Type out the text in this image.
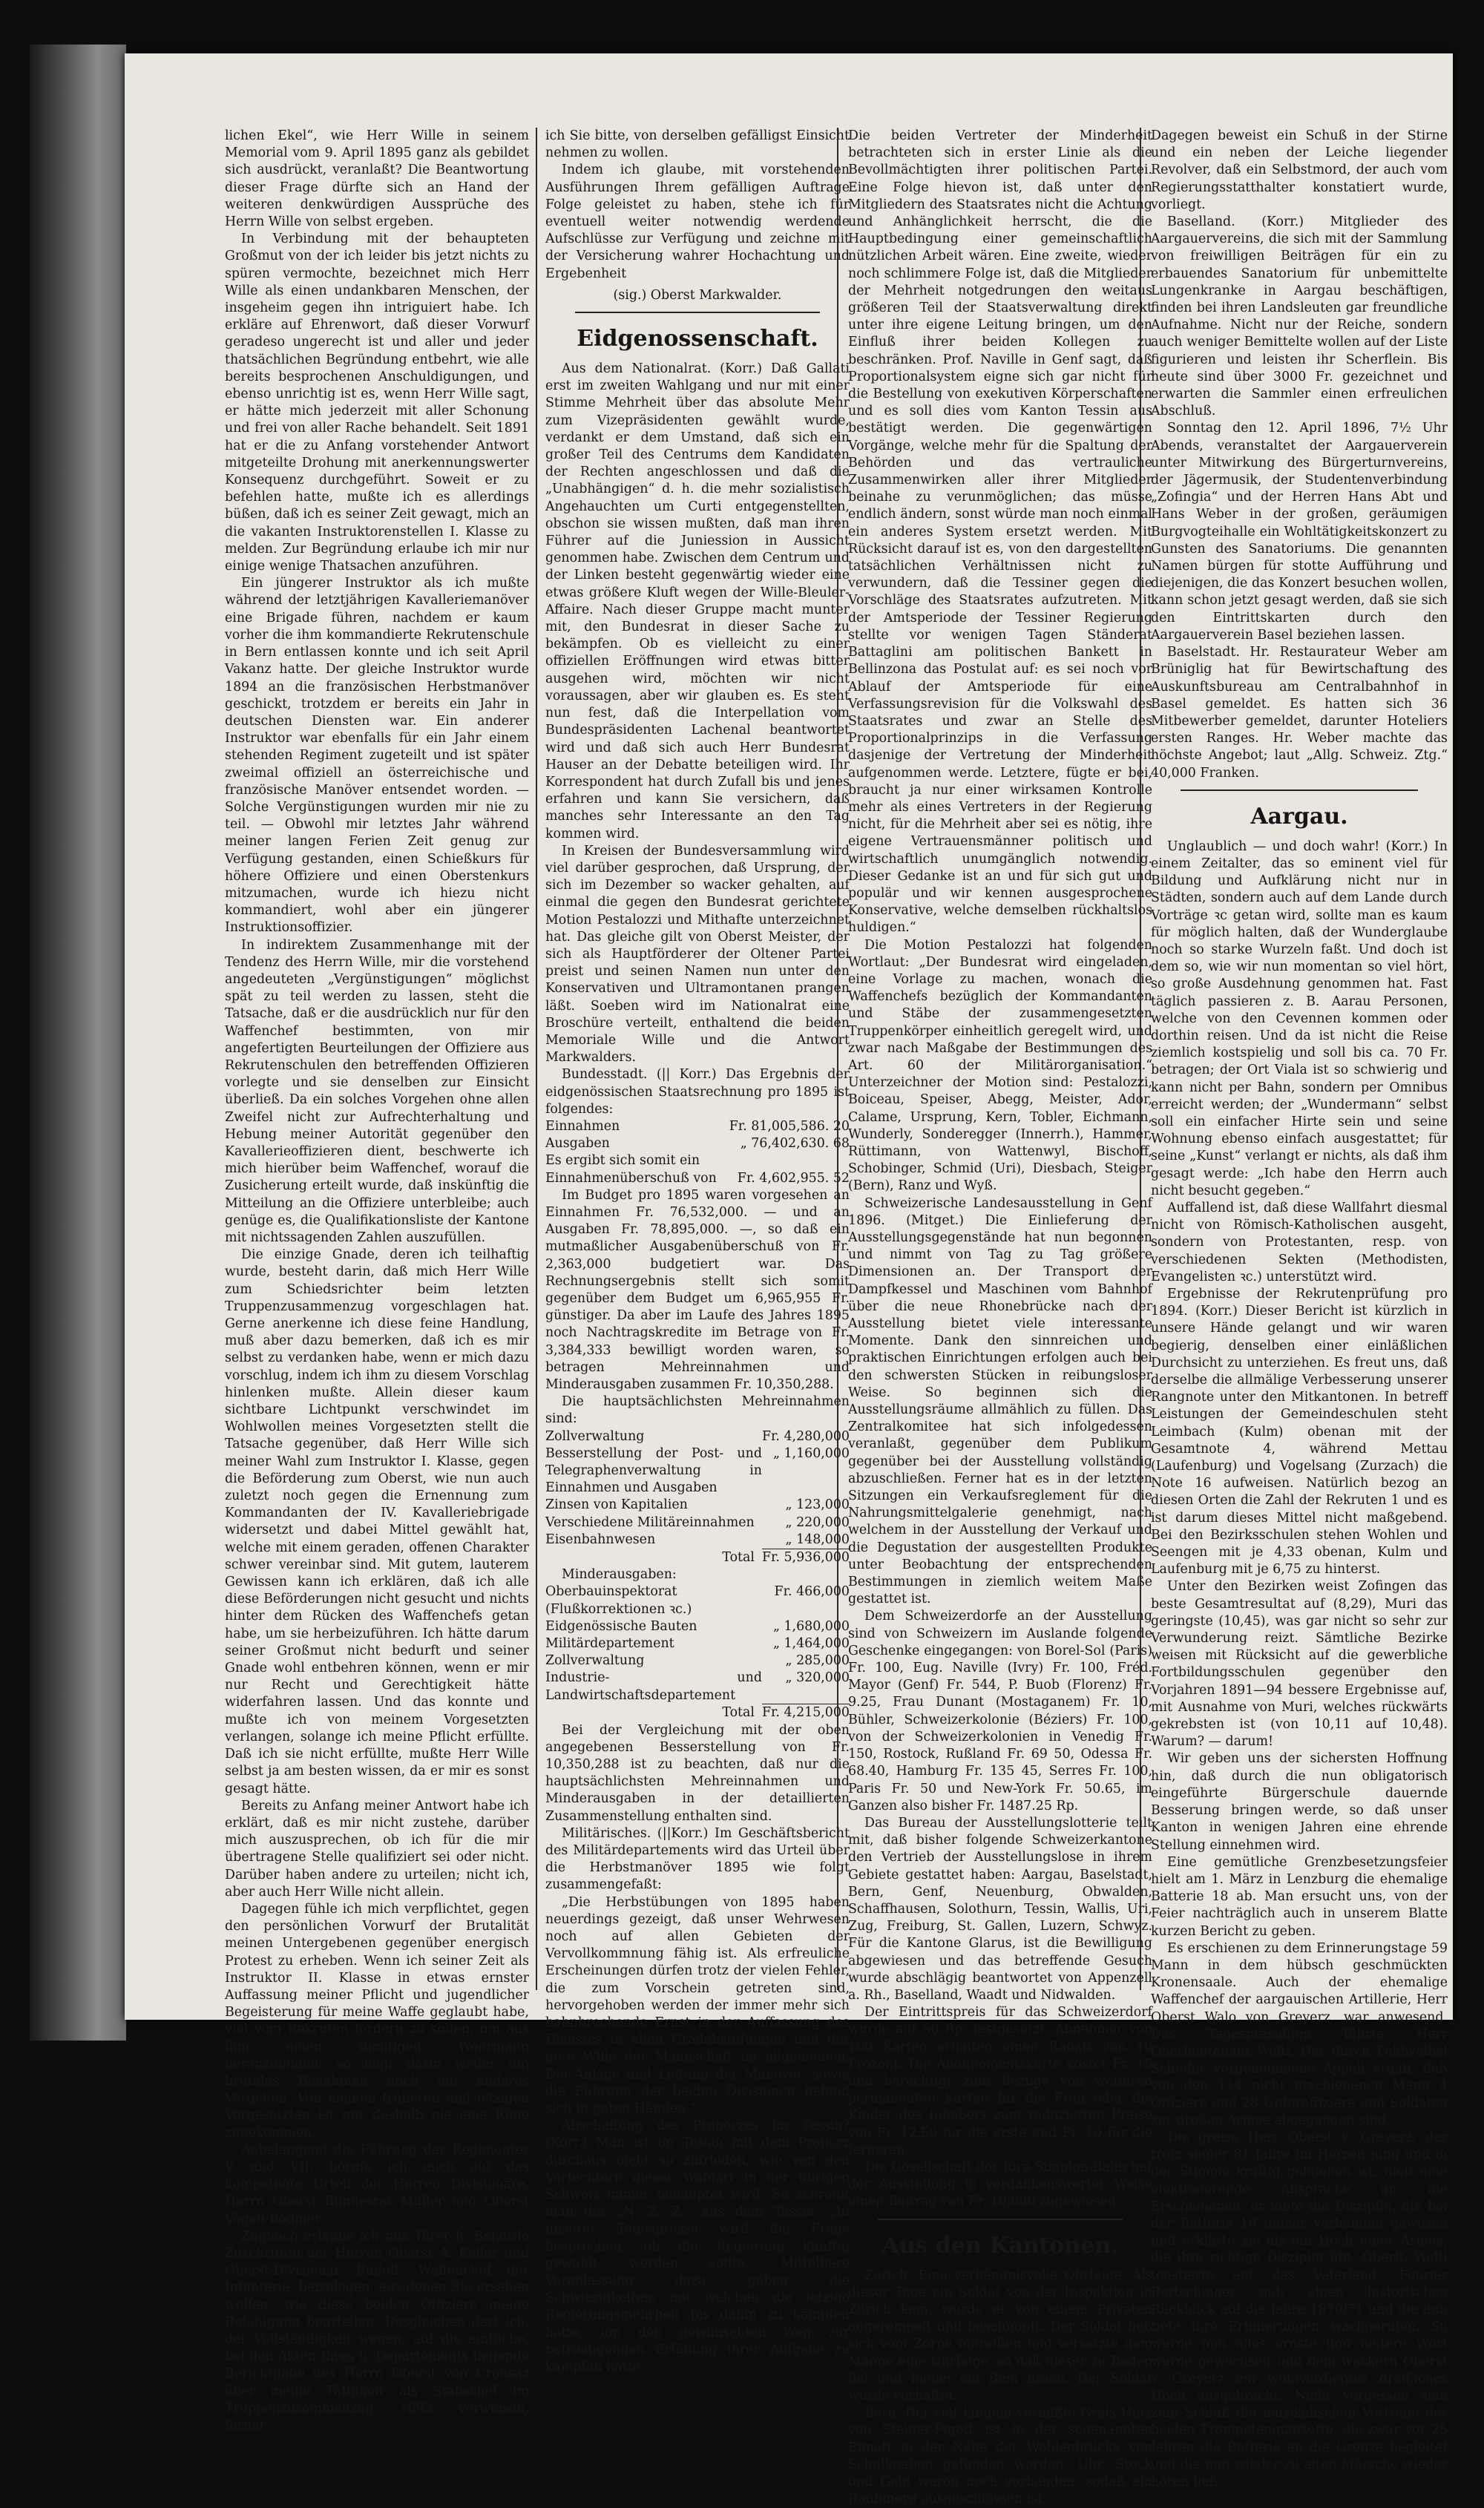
lichen Ekel“, wie Herr Wille in seinem Memorial vom 9. April 1895 ganz als gebildet sich ausdrückt, veranlaßt? Die Beantwortung dieser Frage dürfte sich an Hand der weiteren denkwürdigen Aussprüche des Herrn Wille von selbst ergeben.

In Verbindung mit der behaupteten Großmut von der ich leider bis jetzt nichts zu spüren vermochte, bezeichnet mich Herr Wille als einen undankbaren Menschen, der insgeheim gegen ihn intriguiert habe. Ich erkläre auf Ehrenwort, daß dieser Vorwurf geradeso ungerecht ist und aller und jeder thatsächlichen Begründung entbehrt, wie alle bereits besprochenen Anschuldigungen, und ebenso unrichtig ist es, wenn Herr Wille sagt, er hätte mich jederzeit mit aller Schonung und frei von aller Rache behandelt. Seit 1891 hat er die zu Anfang vorstehender Antwort mitgeteilte Drohung mit anerkennungswerter Konsequenz durchgeführt. Soweit er zu befehlen hatte, mußte ich es allerdings büßen, daß ich es seiner Zeit gewagt, mich an die vakanten Instruktorenstellen I. Klasse zu melden. Zur Begründung erlaube ich mir nur einige wenige Thatsachen anzuführen.

Ein jüngerer Instruktor als ich mußte während der letztjährigen Kavalleriemanöver eine Brigade führen, nachdem er kaum vorher die ihm kommandierte Rekrutenschule in Bern entlassen konnte und ich seit April Vakanz hatte. Der gleiche Instruktor wurde 1894 an die französischen Herbstmanöver geschickt, trotzdem er bereits ein Jahr in deutschen Diensten war. Ein anderer Instruktor war ebenfalls für ein Jahr einem stehenden Regiment zugeteilt und ist später zweimal offiziell an österreichische und französische Manöver entsendet worden. — Solche Vergünstigungen wurden mir nie zu teil. — Obwohl mir letztes Jahr während meiner langen Ferien Zeit genug zur Verfügung gestanden, einen Schießkurs für höhere Offiziere und einen Oberstenkurs mitzumachen, wurde ich hiezu nicht kommandiert, wohl aber ein jüngerer Instruktionsoffizier.

In indirektem Zusammenhange mit der Tendenz des Herrn Wille, mir die vorstehend angedeuteten „Vergünstigungen“ möglichst spät zu teil werden zu lassen, steht die Tatsache, daß er die ausdrücklich nur für den Waffenchef bestimmten, von mir angefertigten Beurteilungen der Offiziere aus Rekrutenschulen den betreffenden Offizieren vorlegte und sie denselben zur Einsicht überließ. Da ein solches Vorgehen ohne allen Zweifel nicht zur Aufrechterhaltung und Hebung meiner Autorität gegenüber den Kavallerieoffizieren dient, beschwerte ich mich hierüber beim Waffenchef, worauf die Zusicherung erteilt wurde, daß inskünftig die Mitteilung an die Offiziere unterbleibe; auch genüge es, die Qualifikationsliste der Kantone mit nichtssagenden Zahlen auszufüllen.

Die einzige Gnade, deren ich teilhaftig wurde, besteht darin, daß mich Herr Wille zum Schiedsrichter beim letzten Truppenzusammenzug vorgeschlagen hat. Gerne anerkenne ich diese feine Handlung, muß aber dazu bemerken, daß ich es mir selbst zu verdanken habe, wenn er mich dazu vorschlug, indem ich ihm zu diesem Vorschlag hinlenken mußte. Allein dieser kaum sichtbare Lichtpunkt verschwindet im Wohlwollen meines Vorgesetzten stellt die Tatsache gegenüber, daß Herr Wille sich meiner Wahl zum Instruktor I. Klasse, gegen die Beförderung zum Oberst, wie nun auch zuletzt noch gegen die Ernennung zum Kommandanten der IV. Kavalleriebrigade widersetzt und dabei Mittel gewählt hat, welche mit einem geraden, offenen Charakter schwer vereinbar sind. Mit gutem, lauterem Gewissen kann ich erklären, daß ich alle diese Beförderungen nicht gesucht und nichts hinter dem Rücken des Waffenchefs getan habe, um sie herbeizuführen. Ich hätte darum seiner Großmut nicht bedurft und seiner Gnade wohl entbehren können, wenn er mir nur Recht und Gerechtigkeit hätte widerfahren lassen. Und das konnte und mußte ich von meinem Vorgesetzten verlangen, solange ich meine Pflicht erfüllte. Daß ich sie nicht erfüllte, mußte Herr Wille selbst ja am besten wissen, da er mir es sonst gesagt hätte.

Bereits zu Anfang meiner Antwort habe ich erklärt, daß es mir nicht zustehe, darüber mich auszusprechen, ob ich für die mir übertragene Stelle qualifiziert sei oder nicht. Darüber haben andere zu urteilen; nicht ich, aber auch Herr Wille nicht allein.

Dagegen fühle ich mich verpflichtet, gegen den persönlichen Vorwurf der Brutalität meinen Untergebenen gegenüber energisch Protest zu erheben. Wenn ich seiner Zeit als Instruktor II. Klasse in etwas ernster Auffassung meiner Pflicht und jugendlicher Begeisterung für meine Waffe geglaubt habe, viel vom Rekruten fordern zu sollen, um aus ihm einen tüchtigen Wehrmann heranzubilden, so liegt darin weder ein brutales Benehmen noch ein anderes Vergehen. Von meinen früheren und jetzigen Vorgesetzten ist mir deshalb nie eine Rüge zugekommen.

Anbelangend die Führung der Regimenter V und VII, berufe ich mich auf das kompetente Urteil der Herren Divisionäre, Herrn Oberst Bundesrat Müller und Oberst Vögeli-Bodmer.

Zugleich erlaube ich mir, Ihrer h. Behörde Zuschriften der Herren Oberst A. Keller und Oberst-Divisionär Rudolf, Waffenchef der Infanterie, beizulegen, aus denen Sie ersehen wollen, wie diese beiden Offiziere meine Befähigung beurteilen. Desgleichen darf ich, der Vollständigkeit wegen, auf die amtliche, bei den Akten Ihres h. Departements liegende Berichtgabe des Herrn Oberst von Crousaz über meine Tätigkeit als Stabschef im Truppenzusammenzug 1893 verweisen, ferner

ich Sie bitte, von derselben gefälligst Einsicht nehmen zu wollen.

Indem ich glaube, mit vorstehenden Ausführungen Ihrem gefälligen Auftrage Folge geleistet zu haben, stehe ich für eventuell weiter notwendig werdende Aufschlüsse zur Verfügung und zeichne mit der Versicherung wahrer Hochachtung und Ergebenheit

(sig.) Oberst Markwalder.
Eidgenossenschaft.

Aus dem Nationalrat. (Korr.) Daß Gallati erst im zweiten Wahlgang und nur mit einer Stimme Mehrheit über das absolute Mehr zum Vizepräsidenten gewählt wurde, verdankt er dem Umstand, daß sich ein großer Teil des Centrums dem Kandidaten der Rechten angeschlossen und daß die „Unabhängigen“ d. h. die mehr sozialistisch Angehauchten um Curti entgegenstellten, obschon sie wissen mußten, daß man ihren Führer auf die Juniession in Aussicht genommen habe. Zwischen dem Centrum und der Linken besteht gegenwärtig wieder eine etwas größere Kluft wegen der Wille-Bleuler-Affaire. Nach dieser Gruppe macht munter mit, den Bundesrat in dieser Sache zu bekämpfen. Ob es vielleicht zu einer offiziellen Eröffnungen wird etwas bitter ausgehen wird, möchten wir nicht voraussagen, aber wir glauben es. Es steht nun fest, daß die Interpellation vom Bundespräsidenten Lachenal beantwortet wird und daß sich auch Herr Bundesrat Hauser an der Debatte beteiligen wird. Ihr Korrespondent hat durch Zufall bis und jenes erfahren und kann Sie versichern, daß manches sehr Interessante an den Tag kommen wird.

In Kreisen der Bundesversammlung wird viel darüber gesprochen, daß Ursprung, der sich im Dezember so wacker gehalten, auf einmal die gegen den Bundesrat gerichtete Motion Pestalozzi und Mithafte unterzeichnet hat. Das gleiche gilt von Oberst Meister, der sich als Hauptförderer der Oltener Partei preist und seinen Namen nun unter den Konservativen und Ultramontanen prangen läßt. Soeben wird im Nationalrat eine Broschüre verteilt, enthaltend die beiden Memoriale Wille und die Antwort Markwalders.

Bundesstadt. (|| Korr.) Das Ergebnis der eidgenössischen Staatsrechnung pro 1895 ist folgendes:

Einnahmen	Fr. 81,005,586. 20
Ausgaben	„ 76,402,630. 68
Es ergibt sich somit ein	
Einnahmenüberschuß von	Fr. 4,602,955. 52

Im Budget pro 1895 waren vorgesehen an Einnahmen Fr. 76,532,000. — und an Ausgaben Fr. 78,895,000. —, so daß ein mutmaßlicher Ausgabenüberschuß von Fr. 2,363,000 budgetiert war. Das Rechnungsergebnis stellt sich somit gegenüber dem Budget um 6,965,955 Fr. günstiger. Da aber im Laufe des Jahres 1895 noch Nachtragskredite im Betrage von Fr. 3,384,333 bewilligt worden waren, so betragen Mehreinnahmen und Minderausgaben zusammen Fr. 10,350,288.

Die hauptsächlichsten Mehreinnahmen sind:

Zollverwaltung	Fr. 4,280,000
Besserstellung der Post- und Telegraphenverwaltung in Einnahmen und Ausgaben	„ 1,160,000
Zinsen von Kapitalien	„ 123,000
Verschiedene Militäreinnahmen	„ 220,000
Eisenbahnwesen	„ 148,000
Total	Fr. 5,936,000

Minderausgaben:

Oberbauinspektorat (Flußkorrektionen ꝛc.)	Fr. 466,000
Eidgenössische Bauten	„ 1,680,000
Militärdepartement	„ 1,464,000
Zollverwaltung	„ 285,000
Industrie- und Landwirtschaftsdepartement	„ 320,000
Total	Fr. 4,215,000

Bei der Vergleichung mit der oben angegebenen Besserstellung von Fr. 10,350,288 ist zu beachten, daß nur die hauptsächlichsten Mehreinnahmen und Minderausgaben in der detaillierten Zusammenstellung enthalten sind.

Militärisches. (||Korr.) Im Geschäftsbericht des Militärdepartements wird das Urteil über die Herbstmanöver 1895 wie folgt zusammengefaßt:

„Die Herbstübungen von 1895 haben neuerdings gezeigt, daß unser Wehrwesen noch auf allen Gebieten der Vervollkommnung fähig ist. Als erfreuliche Erscheinungen dürfen trotz der vielen Fehler, die zum Vorschein getreten sind, hervorgehoben werden der immer mehr sich bahnbrechende Ernst in der Auffassung des Dienstes in allen Gradabstufungen und der gute Wille der Mannschaft im allgemeinen. Die Anlage und Leitung der Manöver, sowie die Führung der beiden Divisionen befand sich in guten Händen.“

Abschaffung des Proporzes im Tessin? (Korr.) Man ist im Tessin mit dem Proporz durchaus nicht so zufrieden, wie von den Verfechtern dieser Wahlart in der übrigen Schweiz immer behauptet wird. So schreibt man der „N. Z. Z.“ aus dem Tessin: „In unserer Tagespresse wird die Frage besprochen, ob die Regierung künftig gewählt werden sollte. Mittelbare Veranlassung dazu gaben die Schwierigkeiten, mit welchen die jetzige Regierungsmehrheit bis dahin zu kämpfen hatte, um den gewünschten Weg zur befriedigenden Erfüllung ihrer Aufgabe zu kämpfen hatte.

Die beiden Vertreter der Minderheit betrachteten sich in erster Linie als die Bevollmächtigten ihrer politischen Partei. Eine Folge hievon ist, daß unter den Mitgliedern des Staatsrates nicht die Achtung und Anhänglichkeit herrscht, die die Hauptbedingung einer gemeinschaftlich nützlichen Arbeit wären. Eine zweite, wieder noch schlimmere Folge ist, daß die Mitglieder der Mehrheit notgedrungen den weitaus größeren Teil der Staatsverwaltung direkt unter ihre eigene Leitung bringen, um den Einfluß ihrer beiden Kollegen zu beschränken. Prof. Naville in Genf sagt, daß Proportionalsystem eigne sich gar nicht für die Bestellung von exekutiven Körperschaften und es soll dies vom Kanton Tessin aus bestätigt werden. Die gegenwärtigen Vorgänge, welche mehr für die Spaltung der Behörden und das vertrauliche Zusammenwirken aller ihrer Mitglieder beinahe zu verunmöglichen; das müsse endlich ändern, sonst würde man noch einmal ein anderes System ersetzt werden. Mit Rücksicht darauf ist es, von den dargestellten tatsächlichen Verhältnissen nicht zu verwundern, daß die Tessiner gegen die Vorschläge des Staatsrates aufzutreten. Mit der Amtsperiode der Tessiner Regierung stellte vor wenigen Tagen Ständerat Battaglini am politischen Bankett in Bellinzona das Postulat auf: es sei noch vor Ablauf der Amtsperiode für eine Verfassungsrevision für die Volkswahl des Staatsrates und zwar an Stelle des Proportionalprinzips in die Verfassung dasjenige der Vertretung der Minderheit aufgenommen werde. Letztere, fügte er bei, braucht ja nur einer wirksamen Kontrolle mehr als eines Vertreters in der Regierung nicht, für die Mehrheit aber sei es nötig, ihre eigene Vertrauensmänner politisch und wirtschaftlich unumgänglich notwendig. Dieser Gedanke ist an und für sich gut und populär und wir kennen ausgesprochene Konservative, welche demselben rückhaltslos huldigen.“

Die Motion Pestalozzi hat folgenden Wortlaut: „Der Bundesrat wird eingeladen, eine Vorlage zu machen, wonach die Waffenchefs bezüglich der Kommandanten und Stäbe der zusammengesetzten Truppenkörper einheitlich geregelt wird, und zwar nach Maßgabe der Bestimmungen des Art. 60 der Militärorganisation.“ Unterzeichner der Motion sind: Pestalozzi, Boiceau, Speiser, Abegg, Meister, Ador, Calame, Ursprung, Kern, Tobler, Eichmann, Wunderly, Sonderegger (Innerrh.), Hammer, Rüttimann, von Wattenwyl, Bischoff, Schobinger, Schmid (Uri), Diesbach, Steiger (Bern), Ranz und Wyß.

Schweizerische Landesausstellung in Genf 1896. (Mitget.) Die Einlieferung der Ausstellungsgegenstände hat nun begonnen und nimmt von Tag zu Tag größere Dimensionen an. Der Transport der Dampfkessel und Maschinen vom Bahnhof über die neue Rhonebrücke nach der Ausstellung bietet viele interessante Momente. Dank den sinnreichen und praktischen Einrichtungen erfolgen auch bei den schwersten Stücken in reibungsloser Weise. So beginnen sich die Ausstellungsräume allmählich zu füllen. Das Zentralkomitee hat sich infolgedessen veranlaßt, gegenüber dem Publikum gegenüber bei der Ausstellung vollständig abzuschließen. Ferner hat es in der letzten Sitzungen ein Verkaufsreglement für die Nahrungsmittelgalerie genehmigt, nach welchem in der Ausstellung der Verkauf und die Degustation der ausgestellten Produkte unter Beobachtung der entsprechenden Bestimmungen in ziemlich weitem Maße gestattet ist.

Dem Schweizerdorfe an der Ausstellung sind von Schweizern im Auslande folgende Geschenke eingegangen: von Borel-Sol (Paris) Fr. 100, Eug. Naville (Ivry) Fr. 100, Fréd. Mayor (Genf) Fr. 544, P. Buob (Florenz) Fr. 9.25, Frau Dunant (Mostaganem) Fr. 10, Bühler, Schweizerkolonie (Béziers) Fr. 100, von der Schweizerkolonien in Venedig Fr. 150, Rostock, Rußland Fr. 69 50, Odessa Fr. 68.40, Hamburg Fr. 135 45, Serres Fr. 100, Paris Fr. 50 und New-York Fr. 50.65, im Ganzen also bisher Fr. 1487.25 Rp.

Das Bureau der Ausstellungslotterie teilt mit, daß bisher folgende Schweizerkantone den Vertrieb der Ausstellungslose in ihrem Gebiete gestattet haben: Aargau, Baselstadt, Bern, Genf, Neuenburg, Obwalden, Schaffhausen, Solothurn, Tessin, Wallis, Uri, Zug, Freiburg, St. Gallen, Luzern, Schwyz. Für die Kantone Glarus, ist die Bewilligung abgewiesen und das betreffende Gesuch wurde abschlägig beantwortet von Appenzell a. Rh., Baselland, Waadt und Nidwalden.

Der Eintrittspreis für das Schweizerdorf wurde auf 50 Rp. festgesetzt. Abnehmer von 100 Karten erhalten einen Rabatt von 10 Prozent. Die Abonnementskarte kostet Fr. 15 und berechtigt zum Bezuge von weiteren permanenten Karten für die Frau oder die Kinder des Inhabers zum reduzierten Preise von Fr. 12.50 für die erste und Fr. 10 für die ferneren.

Die Gesellschaft der Jura-Simplon-Bahn hat der Ausstellung in verdankenswerter Weise einen Beitrag von Fr. 10,000 zugewiesen.

Aus den Kantonen.

Zürich. Eine verhängnisvolle Ohrfeige. Als dieser Tage ein Soldat von der Inspektion in Zürich kam, wurde er von einem Privaten angerempelt und beschimpft. Der Soldat ließ sich vom Zorne hinreißen und versetzte dem Manne eine Ohrfeige, so daß dieser zu Boden fiel und hiebei ein Bein brach. Der Soldat wurde verhaftet.

Bern. Der seit langem vermißte Greis Herr von Steiger-Pigott ist in der sogenannten Eimatt in der Nähe der Wohlenbrücke von Schulknaben gefunden worden. Uhr, Stock und Geld waren noch vorhanden, sodaß ein Raubmord ausgeschlossen ist.

Dagegen beweist ein Schuß in der Stirne und ein neben der Leiche liegender Revolver, daß ein Selbstmord, der auch vom Regierungsstatthalter konstatiert wurde, vorliegt.

Baselland. (Korr.) Mitglieder des Aargauervereins, die sich mit der Sammlung von freiwilligen Beiträgen für ein zu erbauendes Sanatorium für unbemittelte Lungenkranke in Aargau beschäftigen, finden bei ihren Landsleuten gar freundliche Aufnahme. Nicht nur der Reiche, sondern auch weniger Bemittelte wollen auf der Liste figurieren und leisten ihr Scherflein. Bis heute sind über 3000 Fr. gezeichnet und erwarten die Sammler einen erfreulichen Abschluß.

Sonntag den 12. April 1896, 7½ Uhr Abends, veranstaltet der Aargauerverein unter Mitwirkung des Bürgerturnvereins, der Jägermusik, der Studentenverbindung „Zofingia“ und der Herren Hans Abt und Hans Weber in der großen, geräumigen Burgvogteihalle ein Wohltätigkeitskonzert zu Gunsten des Sanatoriums. Die genannten Namen bürgen für stotte Aufführung und diejenigen, die das Konzert besuchen wollen, kann schon jetzt gesagt werden, daß sie sich den Eintrittskarten durch den Aargauerverein Basel beziehen lassen.

Baselstadt. Hr. Restaurateur Weber am Brüniglig hat für Bewirtschaftung des Auskunftsbureau am Centralbahnhof in Basel gemeldet. Es hatten sich 36 Mitbewerber gemeldet, darunter Hoteliers ersten Ranges. Hr. Weber machte das höchste Angebot; laut „Allg. Schweiz. Ztg.“ 40,000 Franken.

Aargau.

Unglaublich — und doch wahr! (Korr.) In einem Zeitalter, das so eminent viel für Bildung und Aufklärung nicht nur in Städten, sondern auch auf dem Lande durch Vorträge ꝛc getan wird, sollte man es kaum für möglich halten, daß der Wunderglaube noch so starke Wurzeln faßt. Und doch ist dem so, wie wir nun momentan so viel hört, so große Ausdehnung genommen hat. Fast täglich passieren z. B. Aarau Personen, welche von den Cevennen kommen oder dorthin reisen. Und da ist nicht die Reise ziemlich kostspielig und soll bis ca. 70 Fr. betragen; der Ort Viala ist so schwierig und kann nicht per Bahn, sondern per Omnibus erreicht werden; der „Wundermann“ selbst soll ein einfacher Hirte sein und seine Wohnung ebenso einfach ausgestattet; für seine „Kunst“ verlangt er nichts, als daß ihm gesagt werde: „Ich habe den Herrn auch nicht besucht gegeben.“

Auffallend ist, daß diese Wallfahrt diesmal nicht von Römisch-Katholischen ausgeht, sondern von Protestanten, resp. von verschiedenen Sekten (Methodisten, Evangelisten ꝛc.) unterstützt wird.

Ergebnisse der Rekrutenprüfung pro 1894. (Korr.) Dieser Bericht ist kürzlich in unsere Hände gelangt und wir waren begierig, denselben einer einläßlichen Durchsicht zu unterziehen. Es freut uns, daß derselbe die allmälige Verbesserung unserer Rangnote unter den Mitkantonen. In betreff Leistungen der Gemeindeschulen steht Leimbach (Kulm) obenan mit der Gesamtnote 4, während Mettau (Laufenburg) und Vogelsang (Zurzach) die Note 16 aufweisen. Natürlich bezog an diesen Orten die Zahl der Rekruten 1 und es ist darum dieses Mittel nicht maßgebend. Bei den Bezirksschulen stehen Wohlen und Seengen mit je 4,33 obenan, Kulm und Laufenburg mit je 6,75 zu hinterst.

Unter den Bezirken weist Zofingen das beste Gesamtresultat auf (8,29), Muri das geringste (10,45), was gar nicht so sehr zur Verwunderung reizt. Sämtliche Bezirke weisen mit Rücksicht auf die gewerbliche Fortbildungsschulen gegenüber den Vorjahren 1891—94 bessere Ergebnisse auf, mit Ausnahme von Muri, welches rückwärts gekrebsten ist (von 10,11 auf 10,48). Warum? — darum!

Wir geben uns der sichersten Hoffnung hin, daß durch die nun obligatorisch eingeführte Bürgerschule dauernde Besserung bringen werde, so daß unser Kanton in wenigen Jahren eine ehrende Stellung einnehmen wird.

Eine gemütliche Grenzbesetzungsfeier hielt am 1. März in Lenzburg die ehemalige Batterie 18 ab. Man ersucht uns, von der Feier nachträglich auch in unserem Blatte kurzen Bericht zu geben.

Es erschienen zu dem Erinnerungstage 59 Mann in dem hübsch geschmückten Kronensaale. Auch der ehemalige Waffenchef der aargauischen Artillerie, Herr Oberst Walo von Greyerz, war anwesend. Das Tagespräsidium führte Herr Oberlieutenant Welti. Der durch Feldweibel Schiefer vorgenommene Appell ergab, daß von den 114 nicht erschienenen Mann 4 Offiziere und 28 Unteroffiziere und Soldaten zur großen Armee abgegangen sind.

Die greise Herr Oberst v. Greyerz, der trotz seiner 81 Jahre im Herzen jung und in der Stimme kräftig geblieben ist, hielt eine elektrisierende Ansprache an die Erschienenen; er lobte die Disziplin, die bei der Batterie 18 immer vorhanden gewesen und erklärte sie als ein Hoch einer Armee, die ihre richtige Disziplin übt. Oberlt. Welti toastierte auf das Vaterland, Fourier Bertschinger gab einen historischen Rückblick auf die Jahre 1870/71 und die nun tiefe ihre Erinnerungen wachgerufen. So wurde nun alles ernste und heitere Wort wurde gewechselt und dem wackern Oberst v. Greyerz ein wohlverdientes dreifaches Hoch ausgebracht. Nicht vergessen sein zum Schluß die musikalischen Vorträge der beiden Trompetenquartette, die zwar vor 25 Jahren die Batterie an die Grenze begleitet und die nun wieder zu alten Märsche wieder hören ließ.
